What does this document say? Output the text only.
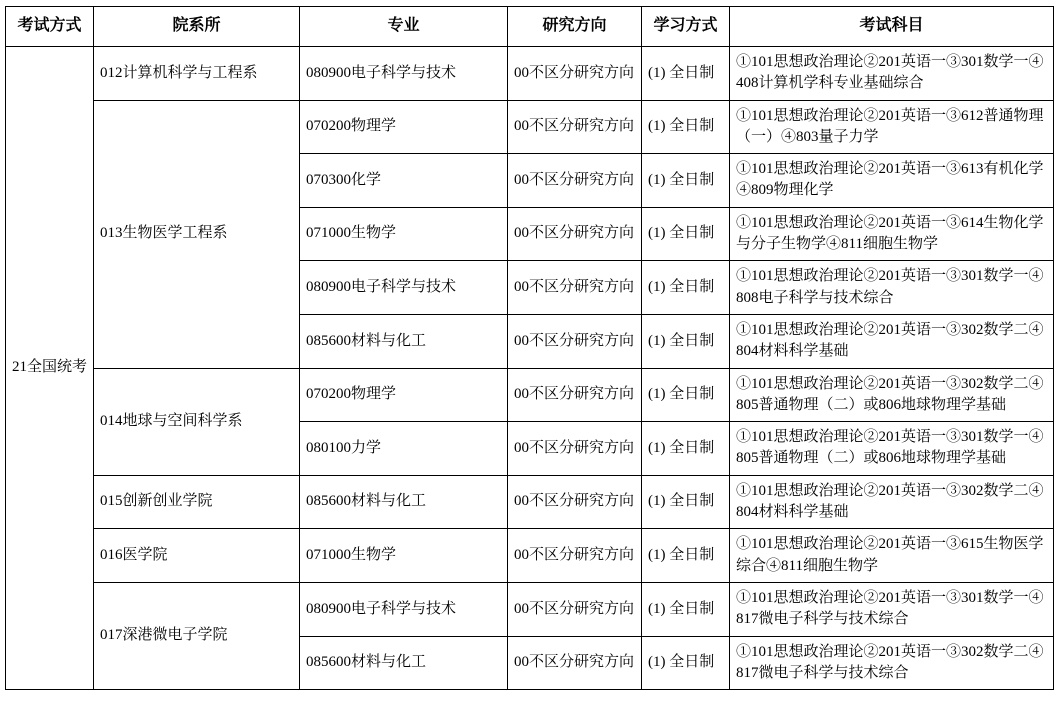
考试方式	院系所	专业	研究方向	学习方式	考试科目
21全国统考	012计算机科学与工程系	080900电子科学与技术	00不区分研究方向	(1) 全日制	①101思想政治理论②201英语一③301数学一④408计算机学科专业基础综合
	013生物医学工程系	070200物理学	00不区分研究方向	(1) 全日制	①101思想政治理论②201英语一③612普通物理（一）④803量子力学
		070300化学	00不区分研究方向	(1) 全日制	①101思想政治理论②201英语一③613有机化学④809物理化学
		071000生物学	00不区分研究方向	(1) 全日制	①101思想政治理论②201英语一③614生物化学与分子生物学④811细胞生物学
		080900电子科学与技术	00不区分研究方向	(1) 全日制	①101思想政治理论②201英语一③301数学一④808电子科学与技术综合
		085600材料与化工	00不区分研究方向	(1) 全日制	①101思想政治理论②201英语一③302数学二④804材料科学基础
	014地球与空间科学系	070200物理学	00不区分研究方向	(1) 全日制	①101思想政治理论②201英语一③302数学二④805普通物理（二）或806地球物理学基础
		080100力学	00不区分研究方向	(1) 全日制	①101思想政治理论②201英语一③301数学一④805普通物理（二）或806地球物理学基础
	015创新创业学院	085600材料与化工	00不区分研究方向	(1) 全日制	①101思想政治理论②201英语一③302数学二④804材料科学基础
	016医学院	071000生物学	00不区分研究方向	(1) 全日制	①101思想政治理论②201英语一③615生物医学综合④811细胞生物学
	017深港微电子学院	080900电子科学与技术	00不区分研究方向	(1) 全日制	①101思想政治理论②201英语一③301数学一④817微电子科学与技术综合
		085600材料与化工	00不区分研究方向	(1) 全日制	①101思想政治理论②201英语一③302数学二④817微电子科学与技术综合
